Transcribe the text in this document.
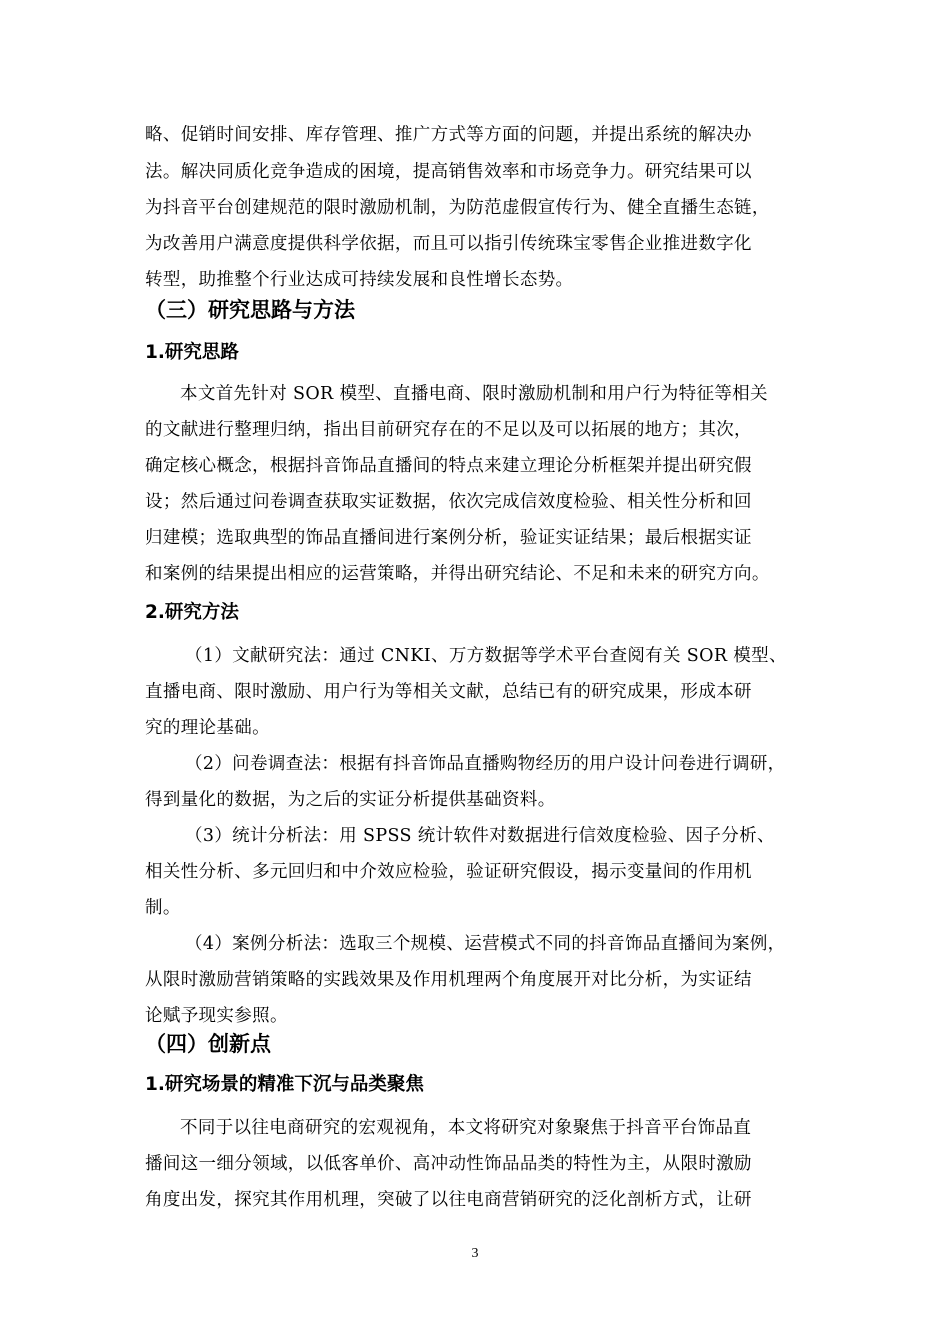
略、促销时间安排、库存管理、推广方式等方面的问题，并提出系统的解决办
法。解决同质化竞争造成的困境，提高销售效率和市场竞争力。研究结果可以
为抖音平台创建规范的限时激励机制，为防范虚假宣传行为、健全直播生态链，
为改善用户满意度提供科学依据，而且可以指引传统珠宝零售企业推进数字化
转型，助推整个行业达成可持续发展和良性增长态势。
（三）研究思路与方法
1.研究思路
本文首先针对 SOR 模型、直播电商、限时激励机制和用户行为特征等相关
的文献进行整理归纳，指出目前研究存在的不足以及可以拓展的地方；其次，
确定核心概念，根据抖音饰品直播间的特点来建立理论分析框架并提出研究假
设；然后通过问卷调查获取实证数据，依次完成信效度检验、相关性分析和回
归建模；选取典型的饰品直播间进行案例分析，验证实证结果；最后根据实证
和案例的结果提出相应的运营策略，并得出研究结论、不足和未来的研究方向。
2.研究方法
（1）文献研究法：通过 CNKI、万方数据等学术平台查阅有关 SOR 模型、
直播电商、限时激励、用户行为等相关文献，总结已有的研究成果，形成本研
究的理论基础。
（2）问卷调查法：根据有抖音饰品直播购物经历的用户设计问卷进行调研，
得到量化的数据，为之后的实证分析提供基础资料。
（3）统计分析法：用 SPSS 统计软件对数据进行信效度检验、因子分析、
相关性分析、多元回归和中介效应检验，验证研究假设，揭示变量间的作用机
制。
（4）案例分析法：选取三个规模、运营模式不同的抖音饰品直播间为案例，
从限时激励营销策略的实践效果及作用机理两个角度展开对比分析，为实证结
论赋予现实参照。
（四）创新点
1.研究场景的精准下沉与品类聚焦
不同于以往电商研究的宏观视角，本文将研究对象聚焦于抖音平台饰品直
播间这一细分领域，以低客单价、高冲动性饰品品类的特性为主，从限时激励
角度出发，探究其作用机理，突破了以往电商营销研究的泛化剖析方式，让研
3
